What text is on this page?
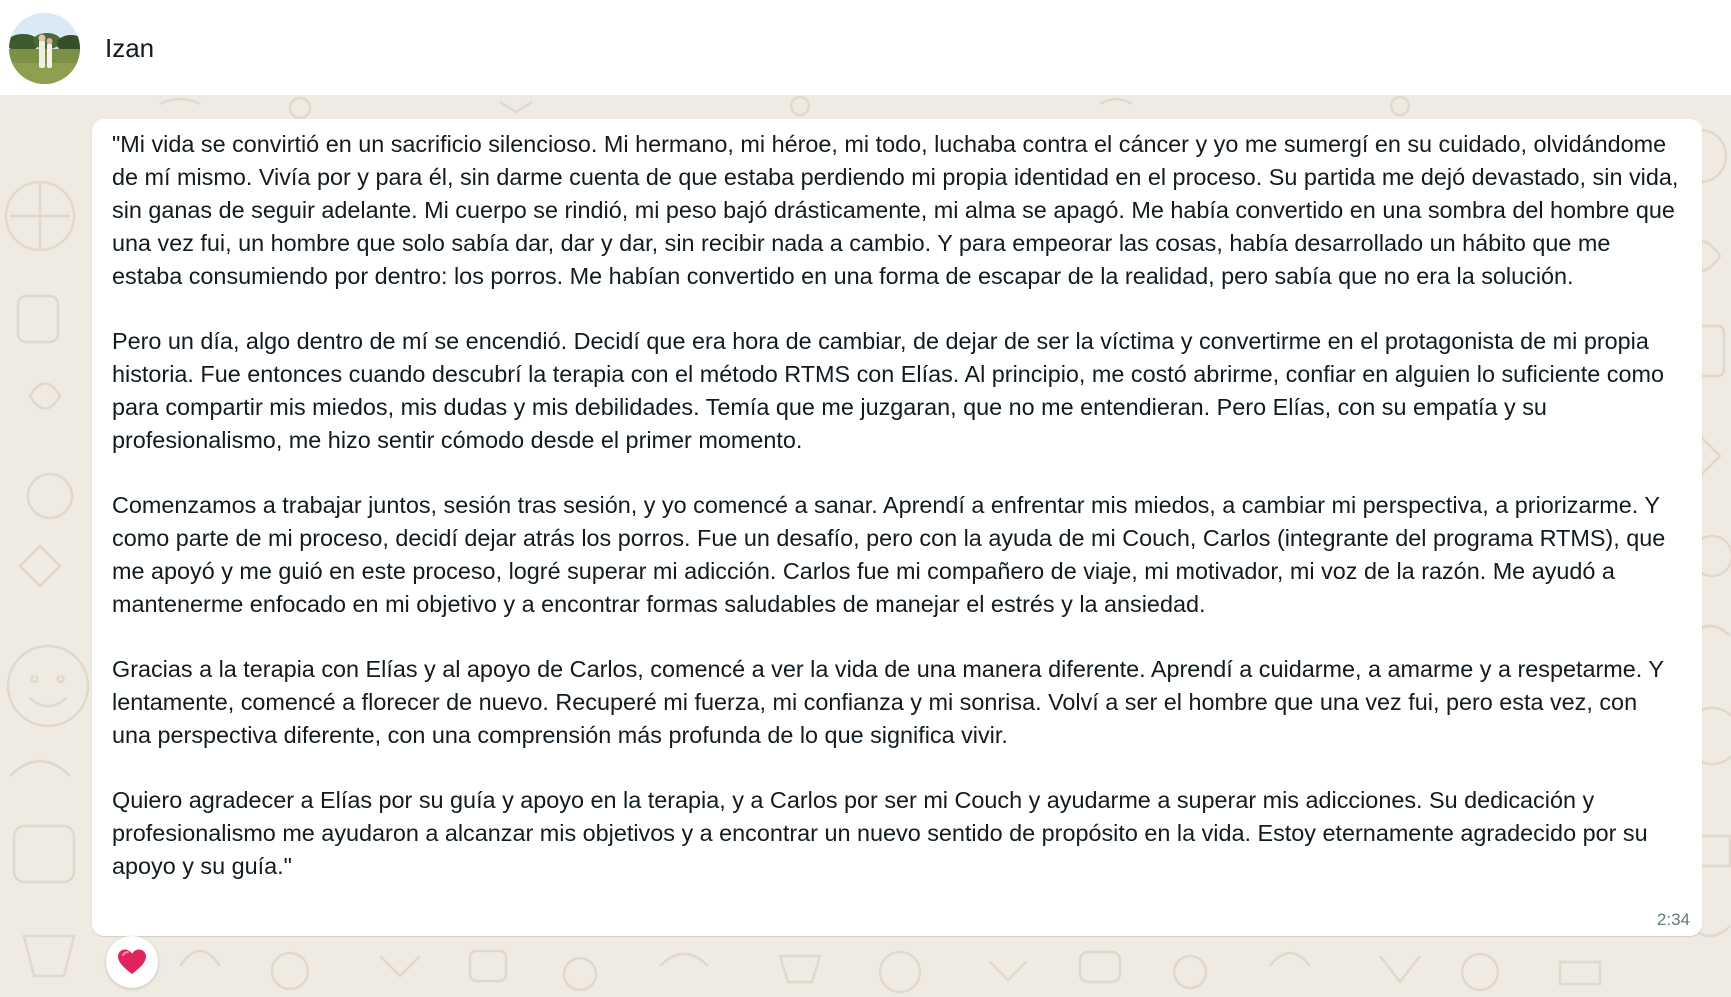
Izan

"Mi vida se convirtió en un sacrificio silencioso. Mi hermano, mi héroe, mi todo, luchaba contra el cáncer y yo me sumergí en su cuidado, olvidándome de mí mismo. Vivía por y para él, sin darme cuenta de que estaba perdiendo mi propia identidad en el proceso. Su partida me dejó devastado, sin vida, sin ganas de seguir adelante. Mi cuerpo se rindió, mi peso bajó drásticamente, mi alma se apagó. Me había convertido en una sombra del hombre que una vez fui, un hombre que solo sabía dar, dar y dar, sin recibir nada a cambio. Y para empeorar las cosas, había desarrollado un hábito que me estaba consumiendo por dentro: los porros. Me habían convertido en una forma de escapar de la realidad, pero sabía que no era la solución.

Pero un día, algo dentro de mí se encendió. Decidí que era hora de cambiar, de dejar de ser la víctima y convertirme en el protagonista de mi propia historia. Fue entonces cuando descubrí la terapia con el método RTMS con Elías. Al principio, me costó abrirme, confiar en alguien lo suficiente como para compartir mis miedos, mis dudas y mis debilidades. Temía que me juzgaran, que no me entendieran. Pero Elías, con su empatía y su profesionalismo, me hizo sentir cómodo desde el primer momento.

Comenzamos a trabajar juntos, sesión tras sesión, y yo comencé a sanar. Aprendí a enfrentar mis miedos, a cambiar mi perspectiva, a priorizarme. Y como parte de mi proceso, decidí dejar atrás los porros. Fue un desafío, pero con la ayuda de mi Couch, Carlos (integrante del programa RTMS), que me apoyó y me guió en este proceso, logré superar mi adicción. Carlos fue mi compañero de viaje, mi motivador, mi voz de la razón. Me ayudó a mantenerme enfocado en mi objetivo y a encontrar formas saludables de manejar el estrés y la ansiedad.

Gracias a la terapia con Elías y al apoyo de Carlos, comencé a ver la vida de una manera diferente. Aprendí a cuidarme, a amarme y a respetarme. Y lentamente, comencé a florecer de nuevo. Recuperé mi fuerza, mi confianza y mi sonrisa. Volví a ser el hombre que una vez fui, pero esta vez, con una perspectiva diferente, con una comprensión más profunda de lo que significa vivir.

Quiero agradecer a Elías por su guía y apoyo en la terapia, y a Carlos por ser mi Couch y ayudarme a superar mis adicciones. Su dedicación y profesionalismo me ayudaron a alcanzar mis objetivos y a encontrar un nuevo sentido de propósito en la vida. Estoy eternamente agradecido por su apoyo y su guía."

2:34
